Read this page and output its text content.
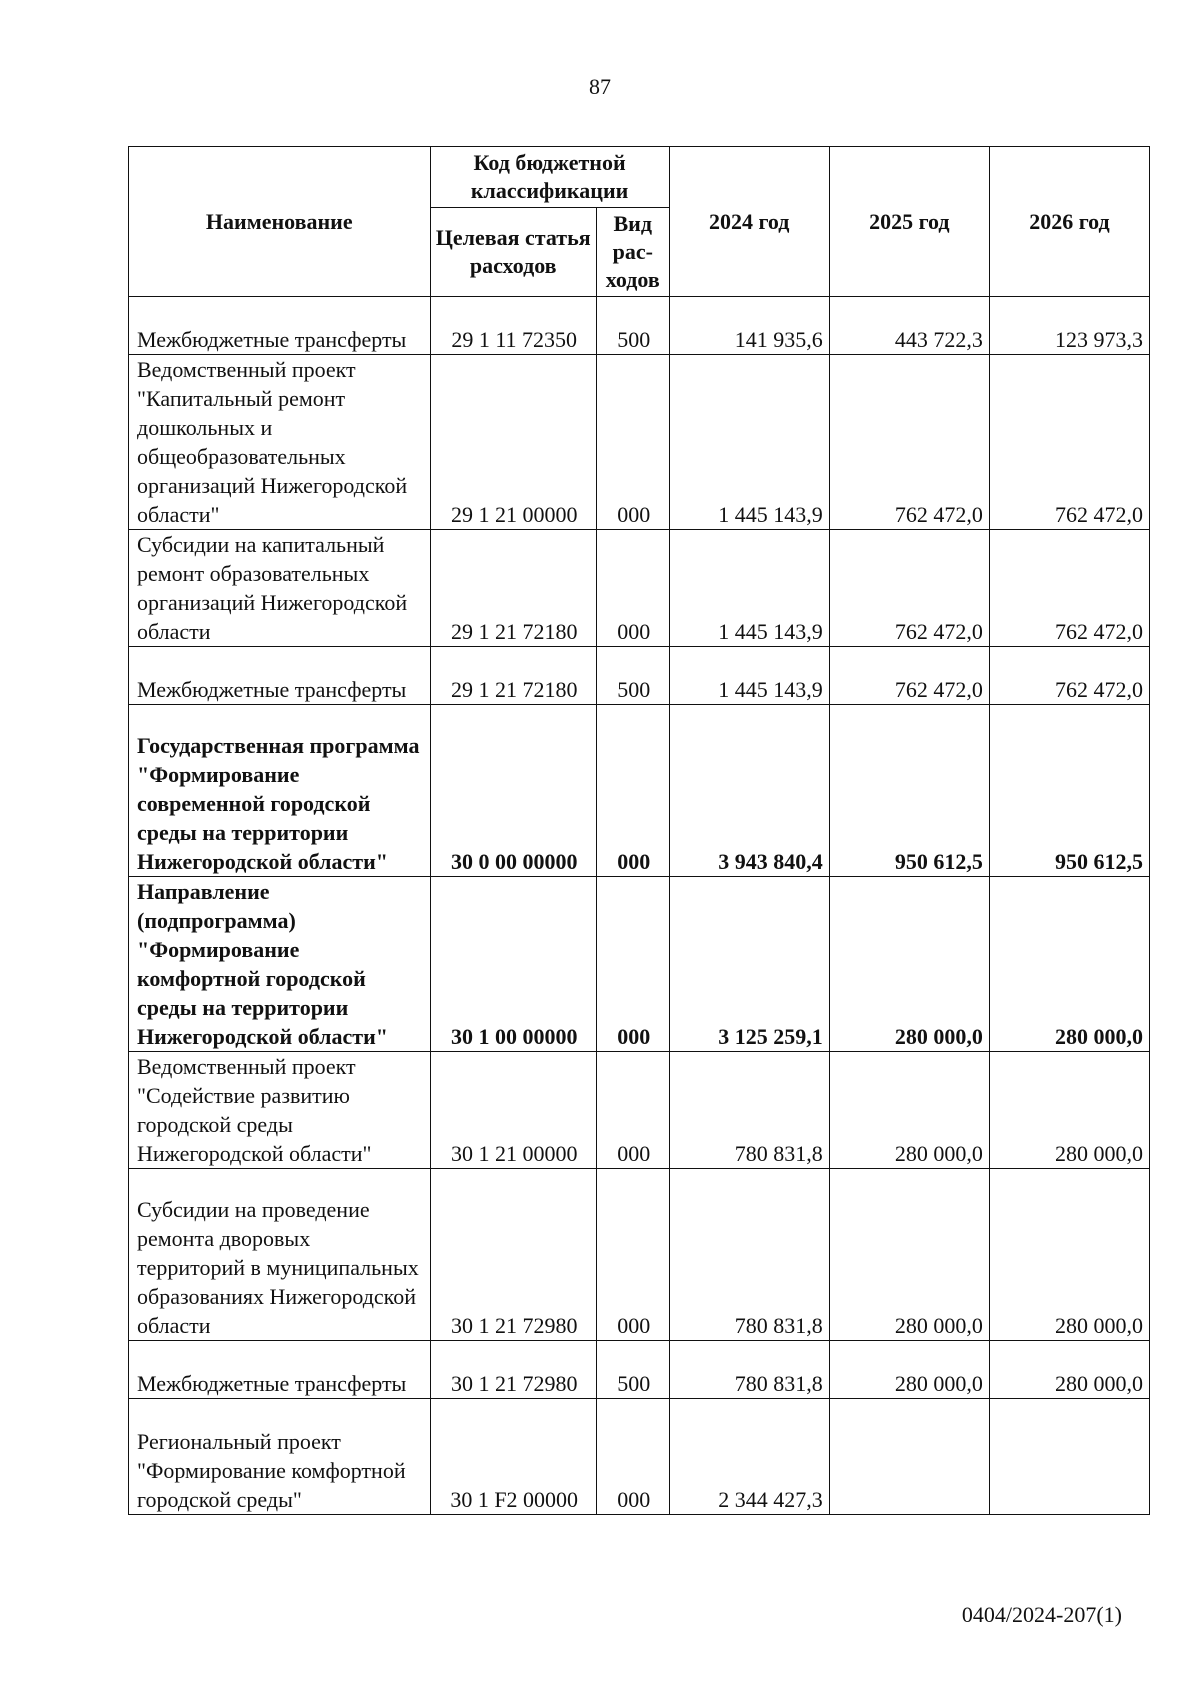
87
Наименование	Код бюджетной классификации		2024 год	2025 год	2026 год
	Целевая статья расходов	Вид рас-ходов			
Межбюджетные трансферты	29 1 11 72350	500	141 935,6	443 722,3	123 973,3
Ведомственный проект "Капитальный ремонт дошкольных и общеобразовательных организаций Нижегородской области"	29 1 21 00000	000	1 445 143,9	762 472,0	762 472,0
Субсидии на капитальный ремонт образовательных организаций Нижегородской области	29 1 21 72180	000	1 445 143,9	762 472,0	762 472,0
Межбюджетные трансферты	29 1 21 72180	500	1 445 143,9	762 472,0	762 472,0
Государственная программа "Формирование современной городской среды на территории Нижегородской области"	30 0 00 00000	000	3 943 840,4	950 612,5	950 612,5
Направление (подпрограмма) "Формирование комфортной городской среды на территории Нижегородской области"	30 1 00 00000	000	3 125 259,1	280 000,0	280 000,0
Ведомственный проект "Содействие развитию городской среды Нижегородской области"	30 1 21 00000	000	780 831,8	280 000,0	280 000,0
Субсидии на проведение ремонта дворовых территорий в муниципальных образованиях Нижегородской области	30 1 21 72980	000	780 831,8	280 000,0	280 000,0
Межбюджетные трансферты	30 1 21 72980	500	780 831,8	280 000,0	280 000,0
Региональный проект "Формирование комфортной городской среды"	30 1 F2 00000	000	2 344 427,3		
0404/2024-207(1)
